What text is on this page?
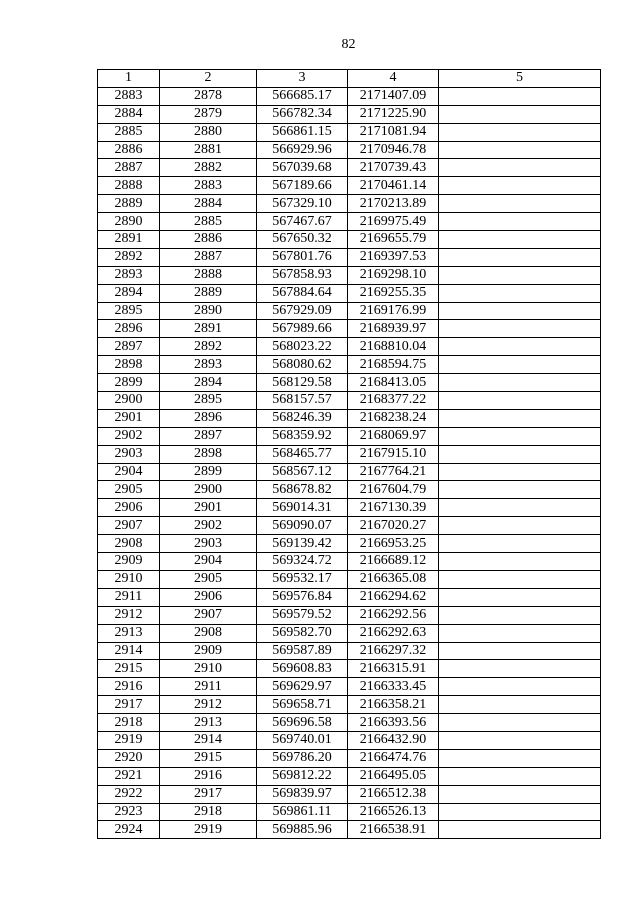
82
1	2	3	4	5
2883	2878	566685.17	2171407.09	
2884	2879	566782.34	2171225.90	
2885	2880	566861.15	2171081.94	
2886	2881	566929.96	2170946.78	
2887	2882	567039.68	2170739.43	
2888	2883	567189.66	2170461.14	
2889	2884	567329.10	2170213.89	
2890	2885	567467.67	2169975.49	
2891	2886	567650.32	2169655.79	
2892	2887	567801.76	2169397.53	
2893	2888	567858.93	2169298.10	
2894	2889	567884.64	2169255.35	
2895	2890	567929.09	2169176.99	
2896	2891	567989.66	2168939.97	
2897	2892	568023.22	2168810.04	
2898	2893	568080.62	2168594.75	
2899	2894	568129.58	2168413.05	
2900	2895	568157.57	2168377.22	
2901	2896	568246.39	2168238.24	
2902	2897	568359.92	2168069.97	
2903	2898	568465.77	2167915.10	
2904	2899	568567.12	2167764.21	
2905	2900	568678.82	2167604.79	
2906	2901	569014.31	2167130.39	
2907	2902	569090.07	2167020.27	
2908	2903	569139.42	2166953.25	
2909	2904	569324.72	2166689.12	
2910	2905	569532.17	2166365.08	
2911	2906	569576.84	2166294.62	
2912	2907	569579.52	2166292.56	
2913	2908	569582.70	2166292.63	
2914	2909	569587.89	2166297.32	
2915	2910	569608.83	2166315.91	
2916	2911	569629.97	2166333.45	
2917	2912	569658.71	2166358.21	
2918	2913	569696.58	2166393.56	
2919	2914	569740.01	2166432.90	
2920	2915	569786.20	2166474.76	
2921	2916	569812.22	2166495.05	
2922	2917	569839.97	2166512.38	
2923	2918	569861.11	2166526.13	
2924	2919	569885.96	2166538.91	
